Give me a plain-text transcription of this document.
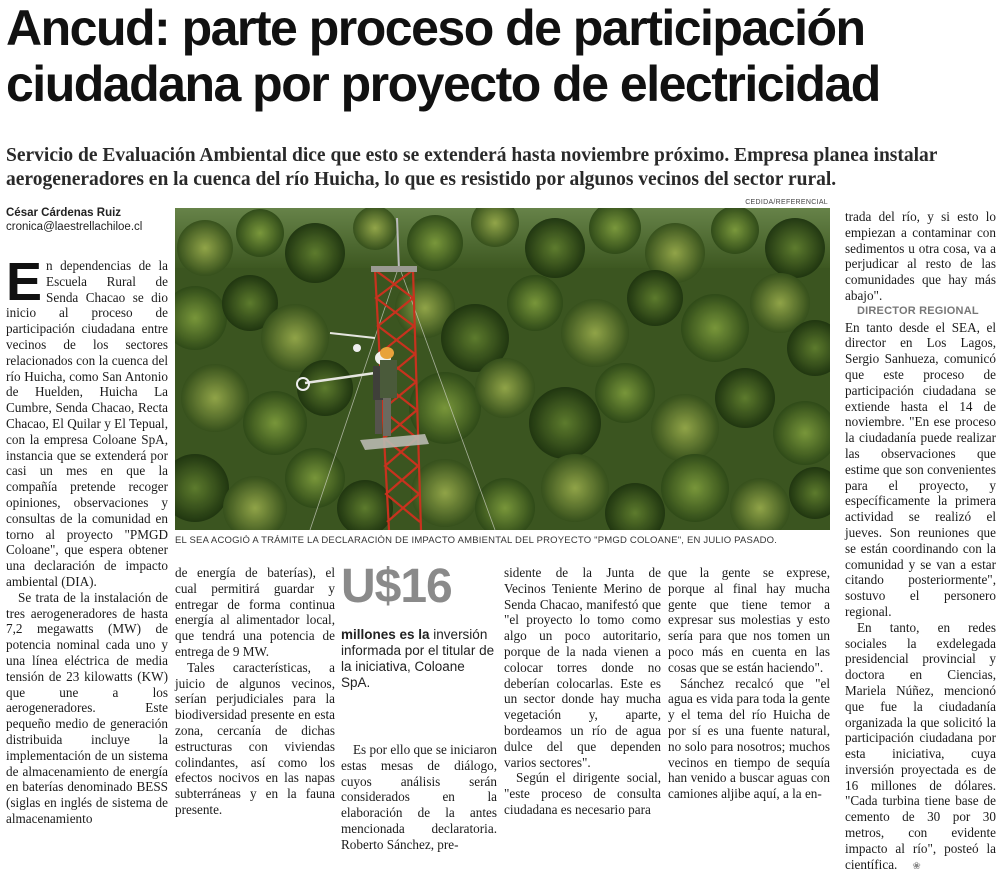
Ancud: parte proceso de participación
ciudadana por proyecto de electricidad

Servicio de Evaluación Ambiental dice que esto se extenderá hasta noviembre próximo. Empresa planea instalar
aerogeneradores en la cuenca del río Huicha, lo que es resistido por algunos vecinos del sector rural.

César Cárdenas Ruiz
cronica@laestrellachiloe.cl
CEDIDA/REFERENCIAL
EL SEA ACOGIÓ A TRÁMITE LA DECLARACIÓN DE IMPACTO AMBIENTAL DEL PROYECTO "PMGD COLOANE", EN JULIO PASADO.

En dependencias de la Escuela Rural de Senda Chacao se dio inicio al proceso de participación ciudadana entre vecinos de los sectores relacionados con la cuenca del río Huicha, como San Antonio de Huelden, Huicha La Cumbre, Senda Chacao, Recta Chacao, El Quilar y El Tepual, con la empresa Coloane SpA, instancia que se extenderá por casi un mes en que la compañía pretende recoger opiniones, observaciones y consultas de la comunidad en torno al proyecto "PMGD Coloane", que espera obtener una declaración de impacto ambiental (DIA).

Se trata de la instalación de tres aerogeneradores de hasta 7,2 megawatts (MW) de potencia nominal cada uno y una línea eléctrica de media tensión de 23 kilowatts (KW) que une a los aerogeneradores. Este pequeño medio de generación distribuida incluye la implementación de un sistema de almacenamiento de energía en baterías denominado BESS (siglas en inglés de sistema de almacenamiento

de energía de baterías), el cual permitirá guardar y entregar de forma continua energía al alimentador local, que tendrá una potencia de entrega de 9 MW.

Tales características, a juicio de algunos vecinos, serían perjudiciales para la biodiversidad presente en esta zona, cercanía de dichas estructuras con viviendas colindantes, así como los efectos nocivos en las napas subterráneas y en la fauna presente.

U$16
millones es la inversión informada por el titular de la iniciativa, Coloane SpA.

Es por ello que se iniciaron estas mesas de diálogo, cuyos análisis serán considerados en la elaboración de la antes mencionada declaratoria. Roberto Sánchez, pre-

sidente de la Junta de Vecinos Teniente Merino de Senda Chacao, manifestó que "el proyecto lo tomo como algo un poco autoritario, porque de la nada vienen a colocar torres donde no deberían colocarlas. Este es un sector donde hay mucha vegetación y, aparte, bordeamos un río de agua dulce del que dependen varios sectores".

Según el dirigente social, "este proceso de consulta ciudadana es necesario para

que la gente se exprese, porque al final hay mucha gente que tiene temor a expresar sus molestias y esto sería para que nos tomen un poco más en cuenta en las cosas que se están haciendo".

Sánchez recalcó que "el agua es vida para toda la gente y el tema del río Huicha de por sí es una fuente natural, no solo para nosotros; muchos vecinos en tiempo de sequía han venido a buscar aguas con camiones aljibe aquí, a la en-

trada del río, y si esto lo empiezan a contaminar con sedimentos u otra cosa, va a perjudicar al resto de las comunidades que hay más abajo".

DIRECTOR REGIONAL

En tanto desde el SEA, el director en Los Lagos, Sergio Sanhueza, comunicó que este proceso de participación ciudadana se extiende hasta el 14 de noviembre. "En ese proceso la ciudadanía puede realizar las observaciones que estime que son convenientes para el proyecto, y específicamente la primera actividad se realizó el jueves. Son reuniones que se están coordinando con la comunidad y se van a estar citando posteriormente", sostuvo el personero regional.

En tanto, en redes sociales la exdelegada presidencial provincial y doctora en Ciencias, Mariela Núñez, mencionó que fue la ciudadanía organizada la que solicitó la participación ciudadana por esta iniciativa, cuya inversión proyectada es de 16 millones de dólares. "Cada turbina tiene base de cemento de 30 por 30 metros, con evidente impacto al río", posteó la científica. ❀
